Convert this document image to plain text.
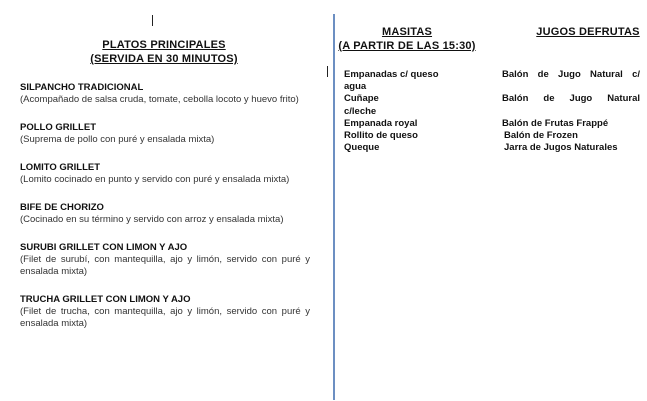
PLATOS PRINCIPALES
(SERVIDA EN 30 MINUTOS)
SILPANCHO TRADICIONAL
(Acompañado de salsa cruda, tomate, cebolla locoto y huevo frito)
POLLO GRILLET
(Suprema de pollo con puré y ensalada mixta)
LOMITO GRILLET
(Lomito cocinado en punto y servido con puré y ensalada mixta)
BIFE DE CHORIZO
(Cocinado en su término y servido con arroz y ensalada mixta)
SURUBI GRILLET CON LIMON Y AJO
(Filet de surubí, con mantequilla, ajo y limón, servido con puré y ensalada mixta)
TRUCHA GRILLET CON LIMON Y AJO
(Filet de trucha, con mantequilla, ajo y limón, servido con puré y ensalada mixta)
MASITAS
(A PARTIR DE LAS 15:30)
JUGOS DEFRUTAS
Empanadas c/ queso
agua
Cuñape
c/leche
Empanada royal
Rollito de queso
Queque
Balón de Jugo Natural c/
Balón de Jugo Natural
Balón de Frutas Frappé
Balón de Frozen
Jarra de Jugos Naturales
